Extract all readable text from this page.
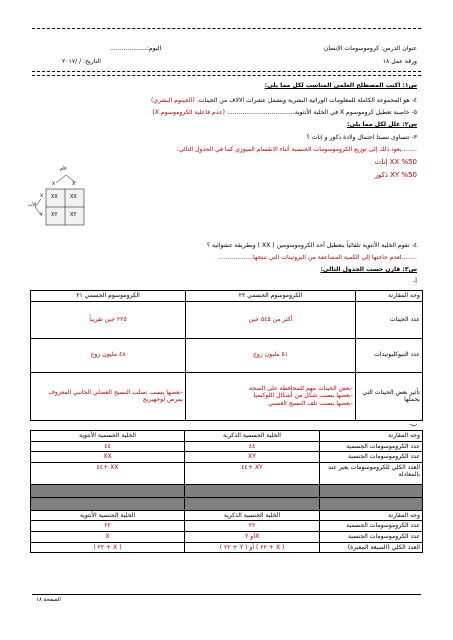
عنوان الدرس: كروموسومات الإنسان
اليوم:...................
ورقة عمل ١٨
التاريخ: / /٢٠١٧
س١: اكتب المصطلح العلمي المناسب لكل مما يلي:
٤- هو المجموعة الكاملة للمعلومات الوراثية البشرية ويشمل عشرات الالاف من الجينات. (الجينوم البشري)
٥- خاصية تعطيل كروموسوم X في الخلية الأنثوية................................... (عدم فاعلية الكروموسوم X)
س٢: علل لكل مما يلي:
٣- تتساوى نسبتا احتمال ولادة ذكور و إناث ؟
........يعود ذلك إلى توزيع الكروموسومات الجنسية أثناء الانقسام الميوزي كما في الجدول التالي:
XX %50 إناث
XY %50 ذكور
الأم
الأب
X	X
X
Y
XX XX
XY	XY
٤- تقوم الخلية الأنثوية تلقائياً بتعطيل أحد الكروموسومين ( XX ) وبطريقة عشوائية ؟
........لعدم حاجتها إلى الكمية المضاعفة من البروتينات التي تنتجها..................
س٣: قارن حسب الجدول التالي:
أ-
وجه المقارنة	الكروموسوم الجسمي ٢٢	الكروموسوم الجسمي ٢١
عدد الجينات	أكثر من ٥٤٥ جين	٢٢٥ جين تقريباً
عدد النيوكليوتيدات	٥١ مليون زوج	٤٨ مليون زوج
تأثير بعض الجينات التي يحملها	-بعض الجينات مهم للمحافظة على الصحة
-بعضها يسبب شكل من أشكال اللوكيميا
-بعضها يسبب تلف النسيج العصبي	-بعضها يسبب تصلب النسيج العضلي الجانبي المعروف بمرض لوجهيريج
ب-
وجه المقارنة	الخلية الجسمية الذكرية	الخلية الجسمية الأنثوية
عدد الكروموسومات الجسمية	٤٤	٤٤
عدد الكروموسومات الجنسية	XY	XX
العدد الكلي للكروموسومات يعبر عنه بالمعادلة	XY +٤٤	XX +٤٤

وجه المقارنة	الخلية الجنسية الذكرية	الخلية الجنسية الأنثوية
عدد الكروموسومات الجسمية	٢٢	٢٢
عدد الكروموسومات الجنسية	Xأو Y	X
العدد الكلي (الصيغة المعبرة)	( X + ٢٢ ) أو ( Y + ٢٢ )	( X + ٢٢ )
الصفحة ١٨
